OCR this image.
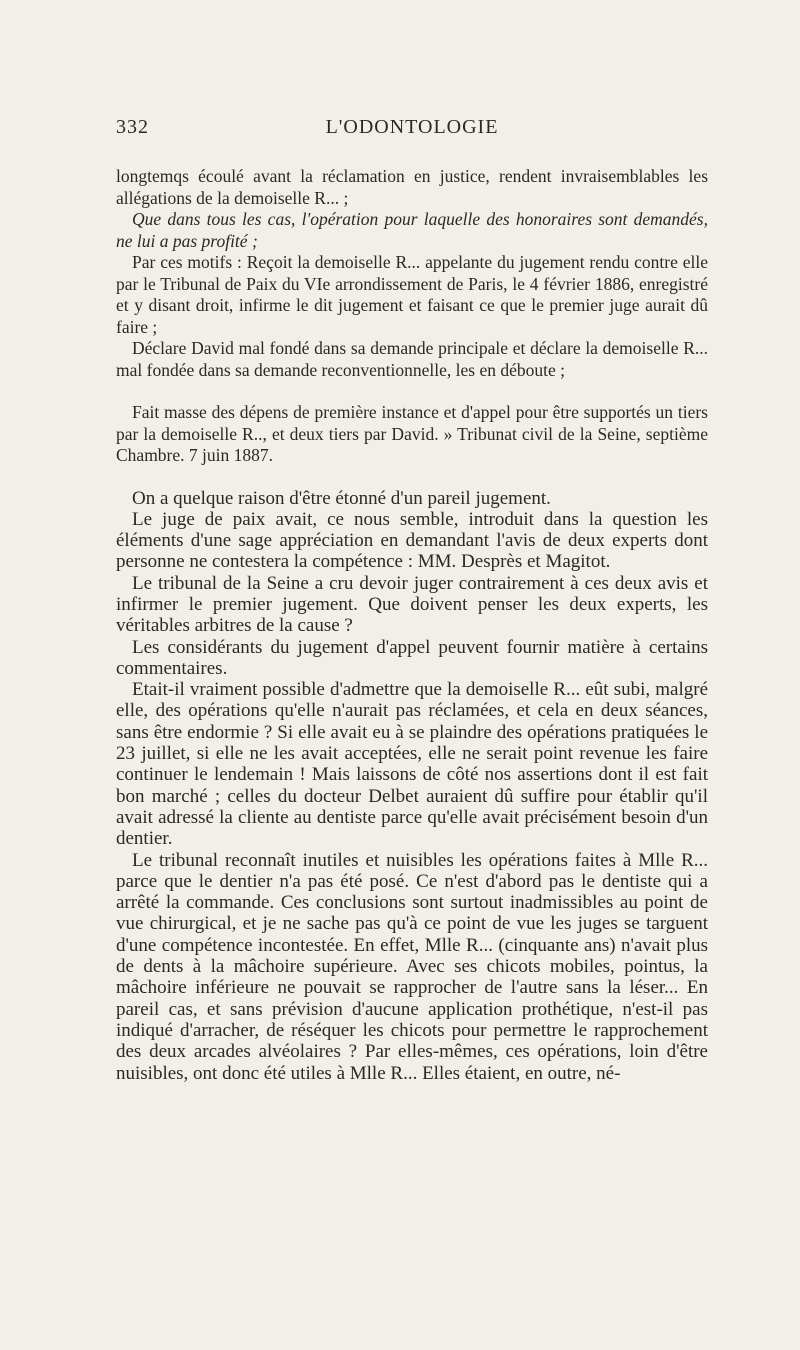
332	L'ODONTOLOGIE

longtemqs écoulé avant la réclamation en justice, rendent invraisemblables les allégations de la demoiselle R... ;

Que dans tous les cas, l'opération pour laquelle des honoraires sont demandés, ne lui a pas profité ;

Par ces motifs : Reçoit la demoiselle R... appelante du jugement rendu contre elle par le Tribunal de Paix du VIe arrondissement de Paris, le 4 février 1886, enregistré et y disant droit, infirme le dit jugement et faisant ce que le premier juge aurait dû faire ;

Déclare David mal fondé dans sa demande principale et déclare la demoiselle R... mal fondée dans sa demande reconventionnelle, les en déboute ;

Fait masse des dépens de première instance et d'appel pour être supportés un tiers par la demoiselle R.., et deux tiers par David. » Tribunat civil de la Seine, septième Chambre. 7 juin 1887.

On a quelque raison d'être étonné d'un pareil jugement.

Le juge de paix avait, ce nous semble, introduit dans la question les éléments d'une sage appréciation en demandant l'avis de deux experts dont personne ne contestera la compétence : MM. Desprès et Magitot.

Le tribunal de la Seine a cru devoir juger contrairement à ces deux avis et infirmer le premier jugement. Que doivent penser les deux experts, les véritables arbitres de la cause ?

Les considérants du jugement d'appel peuvent fournir matière à certains commentaires.

Etait-il vraiment possible d'admettre que la demoiselle R... eût subi, malgré elle, des opérations qu'elle n'aurait pas réclamées, et cela en deux séances, sans être endormie ? Si elle avait eu à se plaindre des opérations pratiquées le 23 juillet, si elle ne les avait acceptées, elle ne serait point revenue les faire continuer le lendemain ! Mais laissons de côté nos assertions dont il est fait bon marché ; celles du docteur Delbet auraient dû suffire pour établir qu'il avait adressé la cliente au dentiste parce qu'elle avait précisément besoin d'un dentier.

Le tribunal reconnaît inutiles et nuisibles les opérations faites à Mlle R... parce que le dentier n'a pas été posé. Ce n'est d'abord pas le dentiste qui a arrêté la commande. Ces conclusions sont surtout inadmissibles au point de vue chirurgical, et je ne sache pas qu'à ce point de vue les juges se targuent d'une compétence incontestée. En effet, Mlle R... (cinquante ans) n'avait plus de dents à la mâchoire supérieure. Avec ses chicots mobiles, pointus, la mâchoire inférieure ne pouvait se rapprocher de l'autre sans la léser... En pareil cas, et sans prévision d'aucune application prothétique, n'est-il pas indiqué d'arracher, de réséquer les chicots pour permettre le rapprochement des deux arcades alvéolaires ? Par elles-mêmes, ces opérations, loin d'être nuisibles, ont donc été utiles à Mlle R... Elles étaient, en outre, né-
